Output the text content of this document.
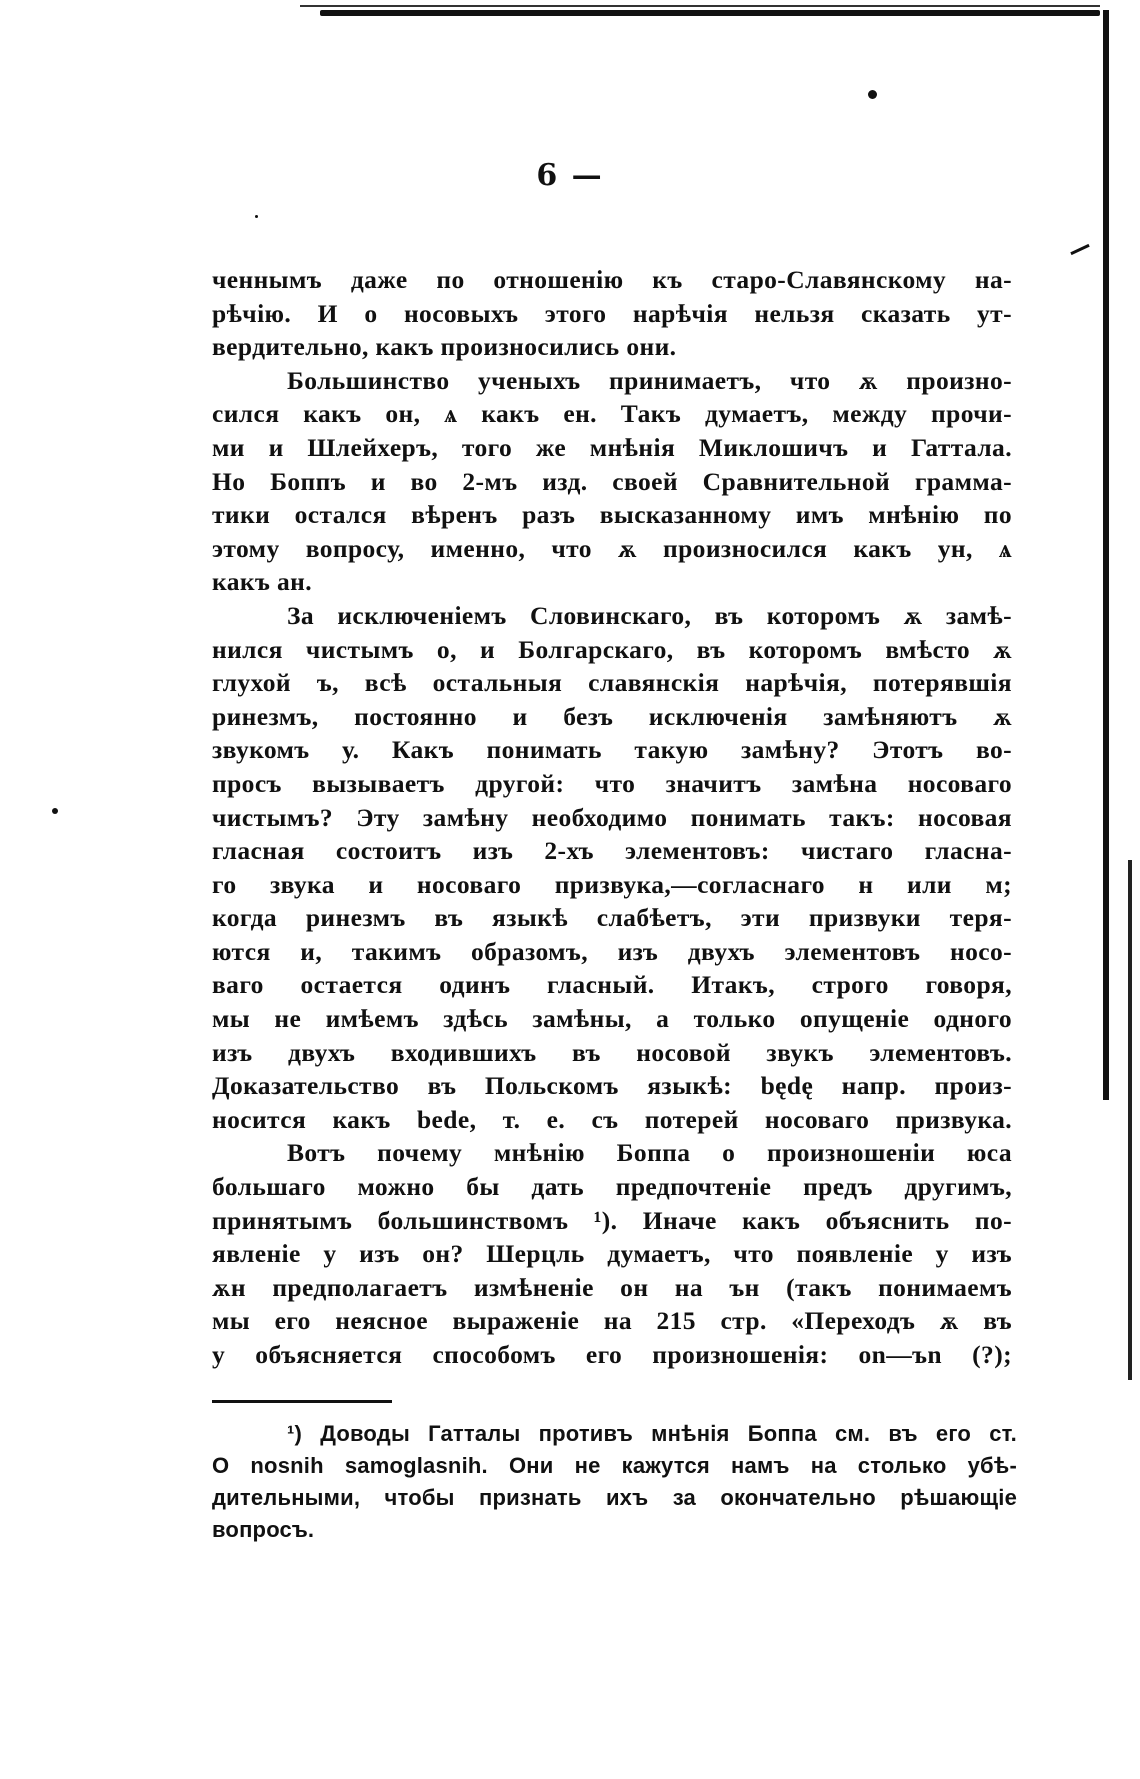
6 —
ченнымъ даже по отношенію къ старо-Славянскому на-
рѣчію. И о носовыхъ этого нарѣчія нельзя сказать ут-
вердительно, какъ произносились они.
Большинство ученыхъ принимаетъ, что ѫ произно-
сился какъ он, ѧ какъ ен. Такъ думаетъ, между прочи-
ми и Шлейхеръ, того же мнѣнія Миклошичъ и Гаттала.
Но Боппъ и во 2-мъ изд. своей Сравнительной грамма-
тики остался вѣренъ разъ высказанному имъ мнѣнію по
этому вопросу, именно, что ѫ произносился какъ ун, ѧ
какъ ан.
За исключеніемъ Словинскаго, въ которомъ ѫ замѣ-
нился чистымъ о, и Болгарскаго, въ которомъ вмѣсто ѫ
глухой ъ, всѣ остальныя славянскія нарѣчія, потерявшія
ринезмъ, постоянно и безъ исключенія замѣняютъ ѫ
звукомъ у. Какъ понимать такую замѣну? Этотъ во-
просъ вызываетъ другой: что значитъ замѣна носоваго
чистымъ? Эту замѣну необходимо понимать такъ: носовая
гласная состоитъ изъ 2-хъ элементовъ: чистаго гласна-
го звука и носоваго призвука,—согласнаго н или м;
когда ринезмъ въ языкѣ слабѣетъ, эти призвуки теря-
ются и, такимъ образомъ, изъ двухъ элементовъ носо-
ваго остается одинъ гласный. Итакъ, строго говоря,
мы не имѣемъ здѣсь замѣны, а только опущеніе одного
изъ двухъ входившихъ въ носовой звукъ элементовъ.
Доказательство въ Польскомъ языкѣ: będę напр. произ-
носится какъ bede, т. е. съ потерей носоваго призвука.
Вотъ почему мнѣнію Боппа о произношеніи юса
большаго можно бы дать предпочтеніе предъ другимъ,
принятымъ большинствомъ ¹). Иначе какъ объяснить по-
явленіе у изъ он? Шерцль думаетъ, что появленіе у изъ
ѫн предполагаетъ измѣненіе он на ън (такъ понимаемъ
мы его неясное выраженіе на 215 стр. «Переходъ ѫ въ
у объясняется способомъ его произношенія: on—ъn (?);
¹) Доводы Гатталы противъ мнѣнія Боппа см. въ его ст.
O nosnih samoglasnih. Они не кажутся намъ на столько убѣ-
дительными, чтобы признать ихъ за окончательно рѣшающіе
вопросъ.
